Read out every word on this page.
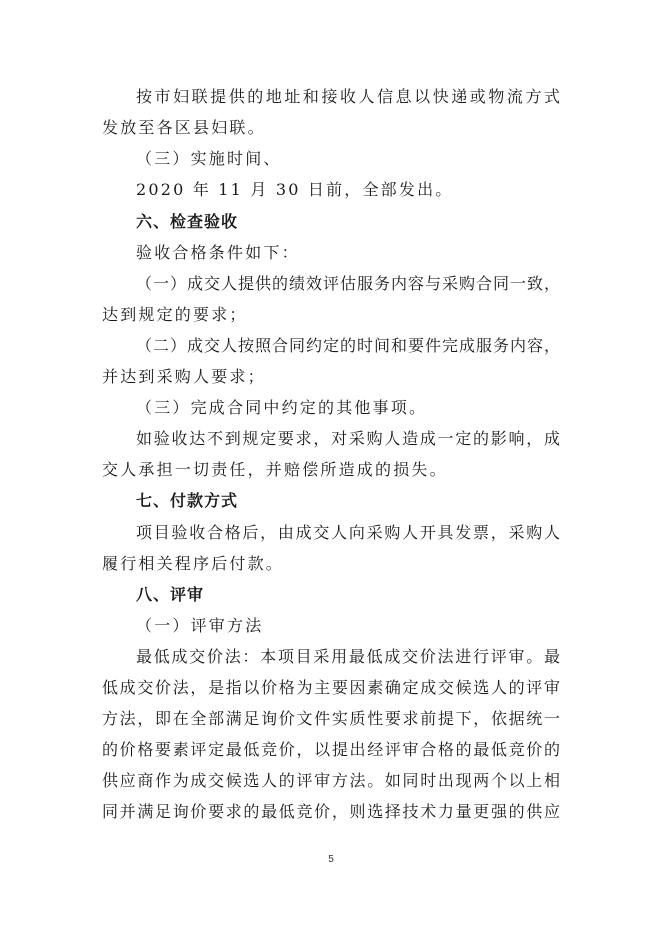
按市妇联提供的地址和接收人信息以快递或物流方式
发放至各区县妇联。
（三）实施时间、
2020 年 11 月 30 日前，全部发出。
六、检查验收
验收合格条件如下：
（一）成交人提供的绩效评估服务内容与采购合同一致，
达到规定的要求；
（二）成交人按照合同约定的时间和要件完成服务内容，
并达到采购人要求；
（三）完成合同中约定的其他事项。
如验收达不到规定要求，对采购人造成一定的影响，成
交人承担一切责任，并赔偿所造成的损失。
七、付款方式
项目验收合格后，由成交人向采购人开具发票，采购人
履行相关程序后付款。
八、评审
（一）评审方法
最低成交价法：本项目采用最低成交价法进行评审。最
低成交价法，是指以价格为主要因素确定成交候选人的评审
方法，即在全部满足询价文件实质性要求前提下，依据统一
的价格要素评定最低竞价，以提出经评审合格的最低竞价的
供应商作为成交候选人的评审方法。如同时出现两个以上相
同并满足询价要求的最低竞价，则选择技术力量更强的供应
5
